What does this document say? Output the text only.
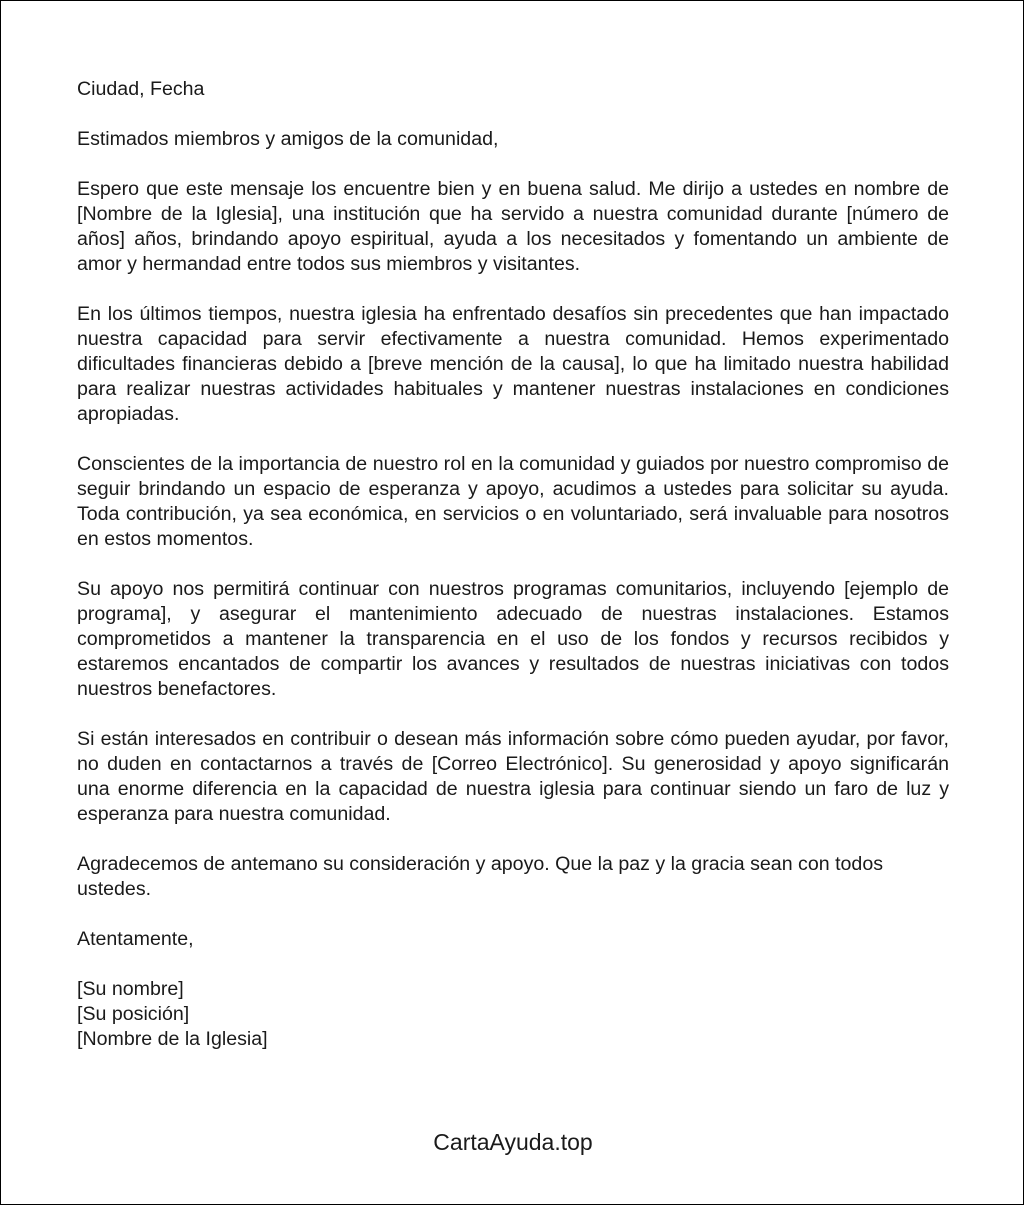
Ciudad, Fecha

Estimados miembros y amigos de la comunidad,

Espero que este mensaje los encuentre bien y en buena salud. Me dirijo a ustedes en nombre de [Nombre de la Iglesia], una institución que ha servido a nuestra comunidad durante [número de años] años, brindando apoyo espiritual, ayuda a los necesitados y fomentando un ambiente de amor y hermandad entre todos sus miembros y visitantes.

En los últimos tiempos, nuestra iglesia ha enfrentado desafíos sin precedentes que han impactado nuestra capacidad para servir efectivamente a nuestra comunidad. Hemos experimentado dificultades financieras debido a [breve mención de la causa], lo que ha limitado nuestra habilidad para realizar nuestras actividades habituales y mantener nuestras instalaciones en condiciones apropiadas.

Conscientes de la importancia de nuestro rol en la comunidad y guiados por nuestro compromiso de seguir brindando un espacio de esperanza y apoyo, acudimos a ustedes para solicitar su ayuda. Toda contribución, ya sea económica, en servicios o en voluntariado, será invaluable para nosotros en estos momentos.

Su apoyo nos permitirá continuar con nuestros programas comunitarios, incluyendo [ejemplo de programa], y asegurar el mantenimiento adecuado de nuestras instalaciones. Estamos comprometidos a mantener la transparencia en el uso de los fondos y recursos recibidos y estaremos encantados de compartir los avances y resultados de nuestras iniciativas con todos nuestros benefactores.

Si están interesados en contribuir o desean más información sobre cómo pueden ayudar, por favor, no duden en contactarnos a través de [Correo Electrónico]. Su generosidad y apoyo significarán una enorme diferencia en la capacidad de nuestra iglesia para continuar siendo un faro de luz y esperanza para nuestra comunidad.

Agradecemos de antemano su consideración y apoyo. Que la paz y la gracia sean con todos ustedes.

Atentamente,

[Su nombre]
[Su posición]
[Nombre de la Iglesia]
CartaAyuda.top
